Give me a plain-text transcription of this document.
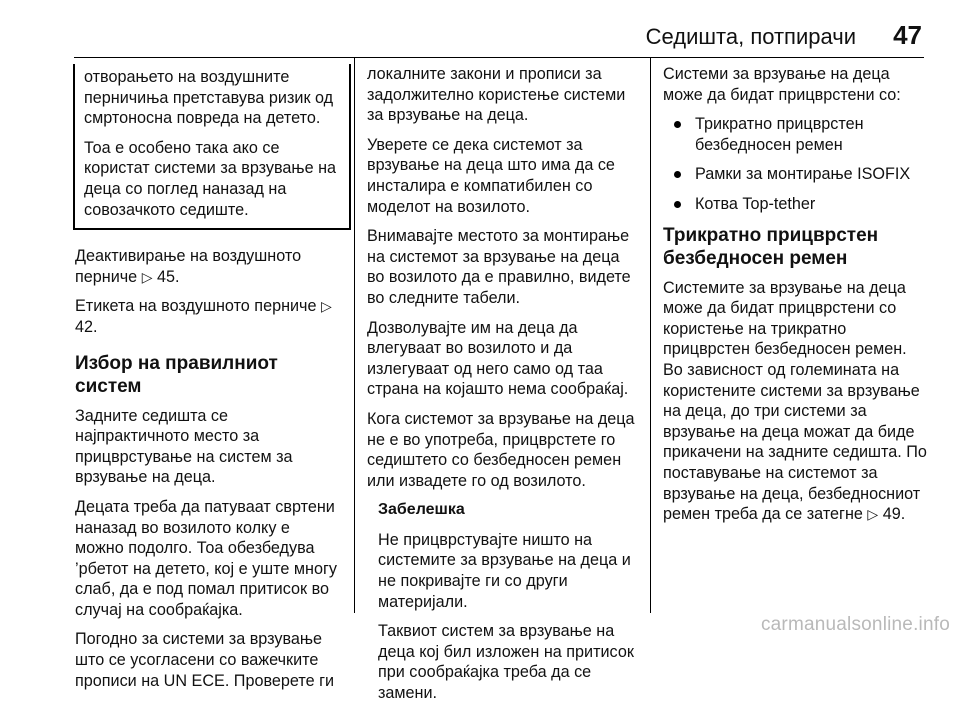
Седишта, потпирачи 47

отворањето на воздушните перничиња претставува ризик од смртоносна повреда на детето.

Тоа е особено така ако се користат системи за врзување на деца со поглед наназад на совозачкото седиште.

Деактивирање на воздушното перниче ▷ 45.

Етикета на воздушното перниче ▷ 42.

Избор на правилниот систем

Задните седишта се најпрактичното место за прицврстување на систем за врзување на деца.

Децата треба да патуваат свртени наназад во возилото колку е можно подолго. Тоа обезбедува ’рбетот на детето, кој е уште многу слаб, да е под помал притисок во случај на сообраќајка.

Погодно за системи за врзување што се усогласени со важечките прописи на UN ECE. Проверете ги

локалните закони и прописи за задолжително користење системи за врзување на деца.

Уверете се дека системот за врзување на деца што има да се инсталира е компатибилен со моделот на возилото.

Внимавајте местото за монтирање на системот за врзување на деца во возилото да е правилно, видете во следните табели.

Дозволувајте им на деца да влегуваат во возилото и да излегуваат од него само од таа страна на којашто нема сообраќај.

Кога системот за врзување на деца не е во употреба, прицврстете го седиштето со безбедносен ремен или извадете го од возилото.

Забелешка

Не прицврстувајте ништо на системите за врзување на деца и не покривајте ги со други материјали.

Таквиот систем за врзување на деца кој бил изложен на притисок при сообраќајка треба да се замени.

Системи за врзување на деца може да бидат прицврстени со:

Трикратно прицврстен безбедносен ремен
Рамки за монтирање ISOFIX
Котва Top-tether
Трикратно прицврстен безбедносен ремен

Системите за врзување на деца може да бидат прицврстени со користење на трикратно прицврстен безбедносен ремен. Во зависност од големината на користените системи за врзување на деца, до три системи за врзување на деца можат да биде прикачени на задните седишта. По поставување на системот за врзување на деца, безбедносниот ремен треба да се затегне ▷ 49.

carmanualsonline.info
